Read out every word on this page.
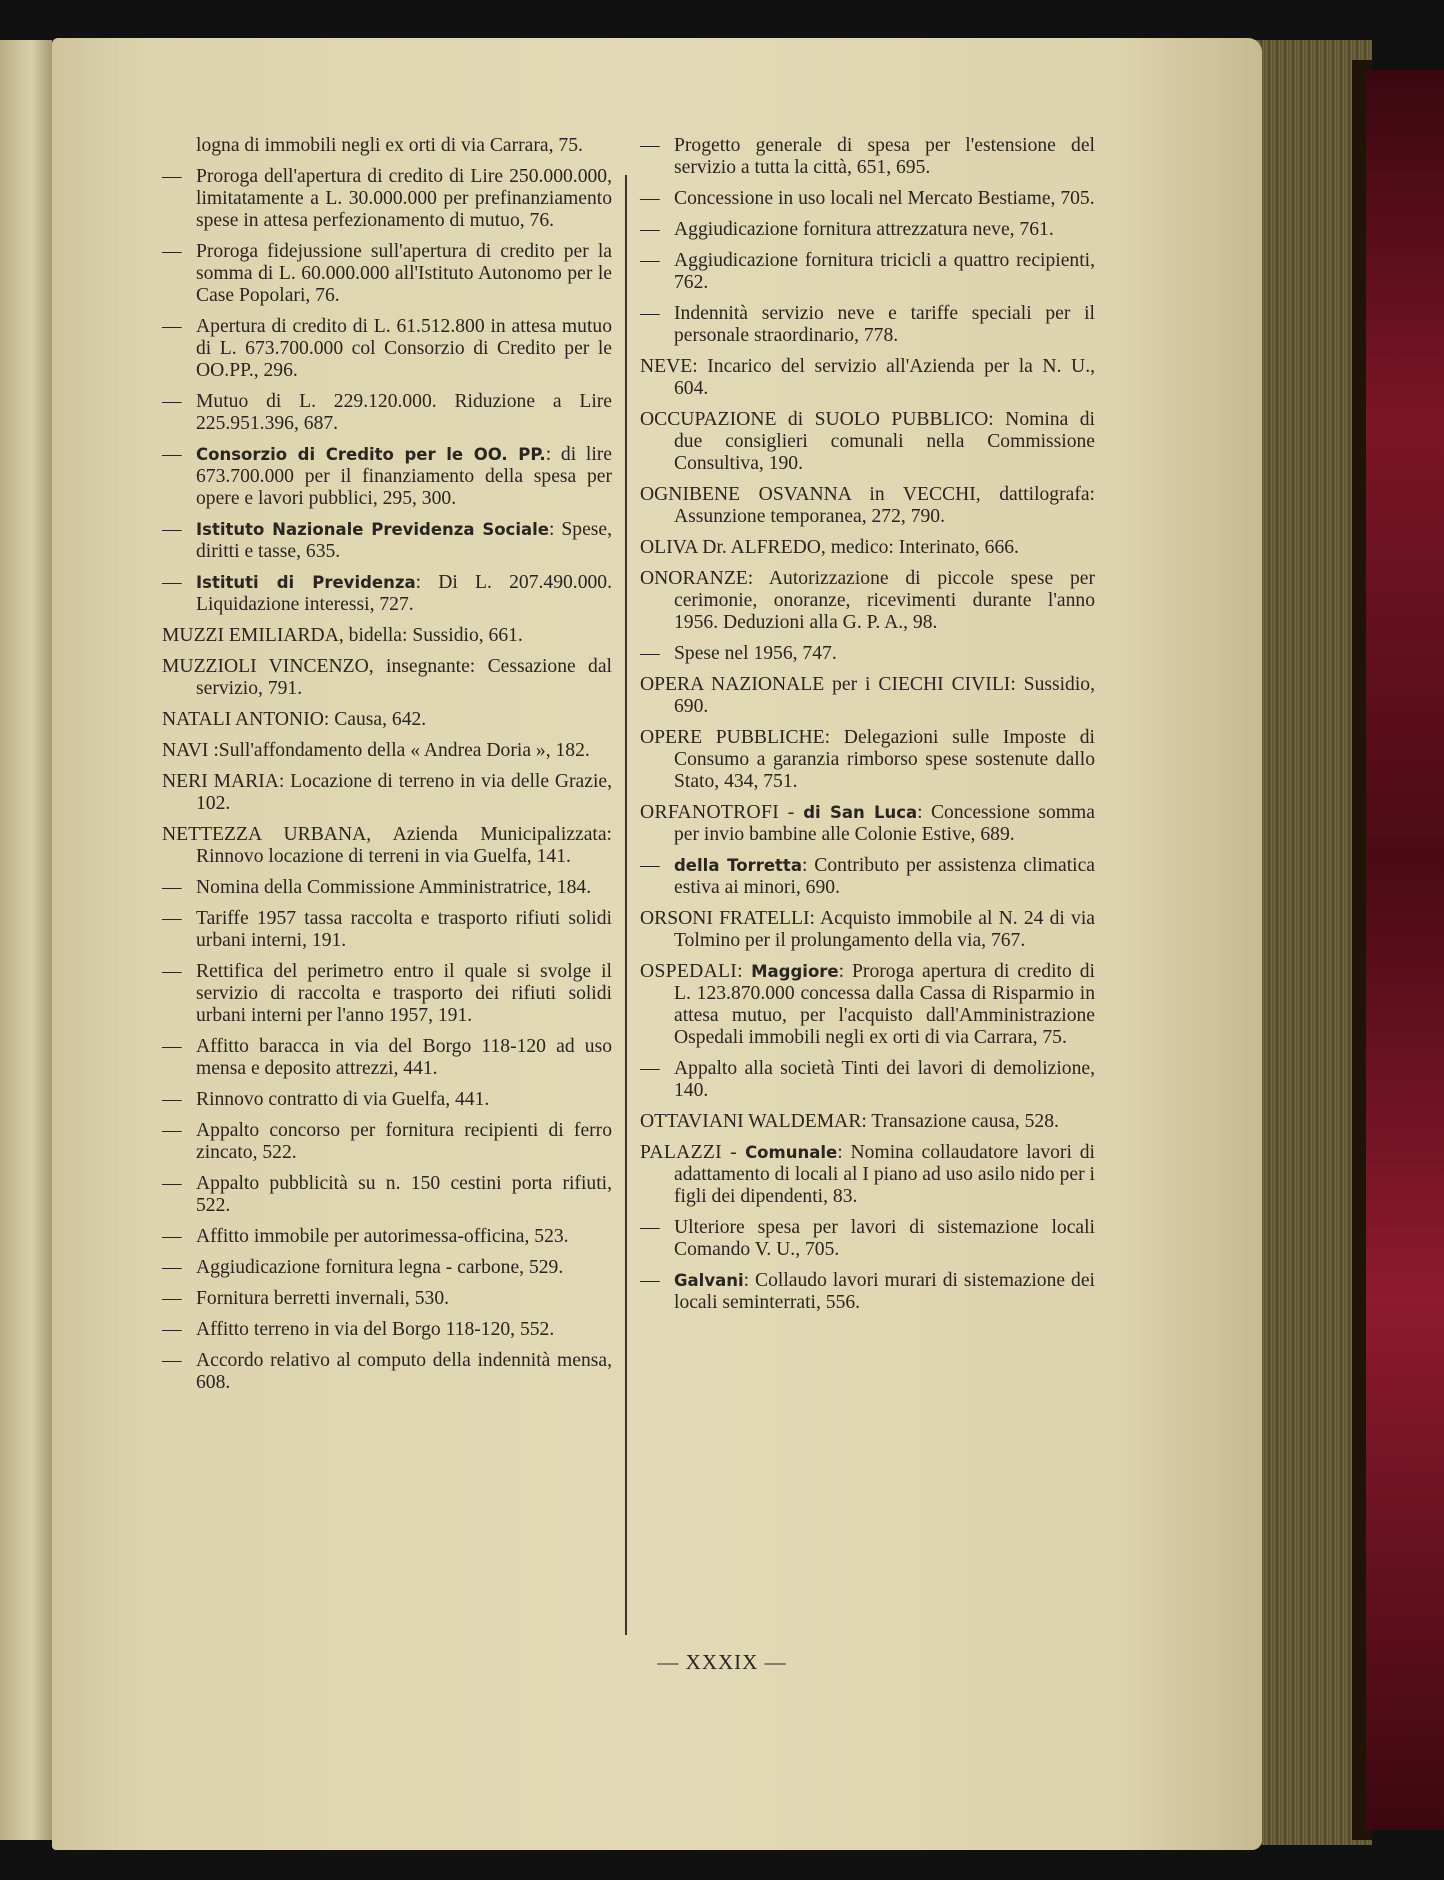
logna di immobili negli ex orti di via Carrara, 75.
— Proroga dell'apertura di credito di Lire 250.000.000, limitatamente a L. 30.000.000 per prefinanziamento spese in attesa perfezionamento di mutuo, 76.
— Proroga fidejussione sull'apertura di credito per la somma di L. 60.000.000 all'Istituto Autonomo per le Case Popolari, 76.
— Apertura di credito di L. 61.512.800 in attesa mutuo di L. 673.700.000 col Consorzio di Credito per le OO.PP., 296.
— Mutuo di L. 229.120.000. Riduzione a Lire 225.951.396, 687.
— Consorzio di Credito per le OO. PP.: di lire 673.700.000 per il finanziamento della spesa per opere e lavori pubblici, 295, 300.
— Istituto Nazionale Previdenza Sociale: Spese, diritti e tasse, 635.
— Istituti di Previdenza: Di L. 207.490.000. Liquidazione interessi, 727.
MUZZI EMILIARDA, bidella: Sussidio, 661.
MUZZIOLI VINCENZO, insegnante: Cessazione dal servizio, 791.
NATALI ANTONIO: Causa, 642.
NAVI :Sull'affondamento della « Andrea Doria », 182.
NERI MARIA: Locazione di terreno in via delle Grazie, 102.
NETTEZZA URBANA, Azienda Municipalizzata: Rinnovo locazione di terreni in via Guelfa, 141.
— Nomina della Commissione Amministratrice, 184.
— Tariffe 1957 tassa raccolta e trasporto rifiuti solidi urbani interni, 191.
— Rettifica del perimetro entro il quale si svolge il servizio di raccolta e trasporto dei rifiuti solidi urbani interni per l'anno 1957, 191.
— Affitto baracca in via del Borgo 118-120 ad uso mensa e deposito attrezzi, 441.
— Rinnovo contratto di via Guelfa, 441.
— Appalto concorso per fornitura recipienti di ferro zincato, 522.
— Appalto pubblicità su n. 150 cestini porta rifiuti, 522.
— Affitto immobile per autorimessa-officina, 523.
— Aggiudicazione fornitura legna - carbone, 529.
— Fornitura berretti invernali, 530.
— Affitto terreno in via del Borgo 118-120, 552.
— Accordo relativo al computo della indennità mensa, 608.
— Progetto generale di spesa per l'estensione del servizio a tutta la città, 651, 695.
— Concessione in uso locali nel Mercato Bestiame, 705.
— Aggiudicazione fornitura attrezzatura neve, 761.
— Aggiudicazione fornitura tricicli a quattro recipienti, 762.
— Indennità servizio neve e tariffe speciali per il personale straordinario, 778.
NEVE: Incarico del servizio all'Azienda per la N. U., 604.
OCCUPAZIONE di SUOLO PUBBLICO: Nomina di due consiglieri comunali nella Commissione Consultiva, 190.
OGNIBENE OSVANNA in VECCHI, dattilografa: Assunzione temporanea, 272, 790.
OLIVA Dr. ALFREDO, medico: Interinato, 666.
ONORANZE: Autorizzazione di piccole spese per cerimonie, onoranze, ricevimenti durante l'anno 1956. Deduzioni alla G. P. A., 98.
— Spese nel 1956, 747.
OPERA NAZIONALE per i CIECHI CIVILI: Sussidio, 690.
OPERE PUBBLICHE: Delegazioni sulle Imposte di Consumo a garanzia rimborso spese sostenute dallo Stato, 434, 751.
ORFANOTROFI - di San Luca: Concessione somma per invio bambine alle Colonie Estive, 689.
— della Torretta: Contributo per assistenza climatica estiva ai minori, 690.
ORSONI FRATELLI: Acquisto immobile al N. 24 di via Tolmino per il prolungamento della via, 767.
OSPEDALI: Maggiore: Proroga apertura di credito di L. 123.870.000 concessa dalla Cassa di Risparmio in attesa mutuo, per l'acquisto dall'Amministrazione Ospedali immobili negli ex orti di via Carrara, 75.
— Appalto alla società Tinti dei lavori di demolizione, 140.
OTTAVIANI WALDEMAR: Transazione causa, 528.
PALAZZI - Comunale: Nomina collaudatore lavori di adattamento di locali al I piano ad uso asilo nido per i figli dei dipendenti, 83.
— Ulteriore spesa per lavori di sistemazione locali Comando V. U., 705.
— Galvani: Collaudo lavori murari di sistemazione dei locali seminterrati, 556.
— XXXIX —
